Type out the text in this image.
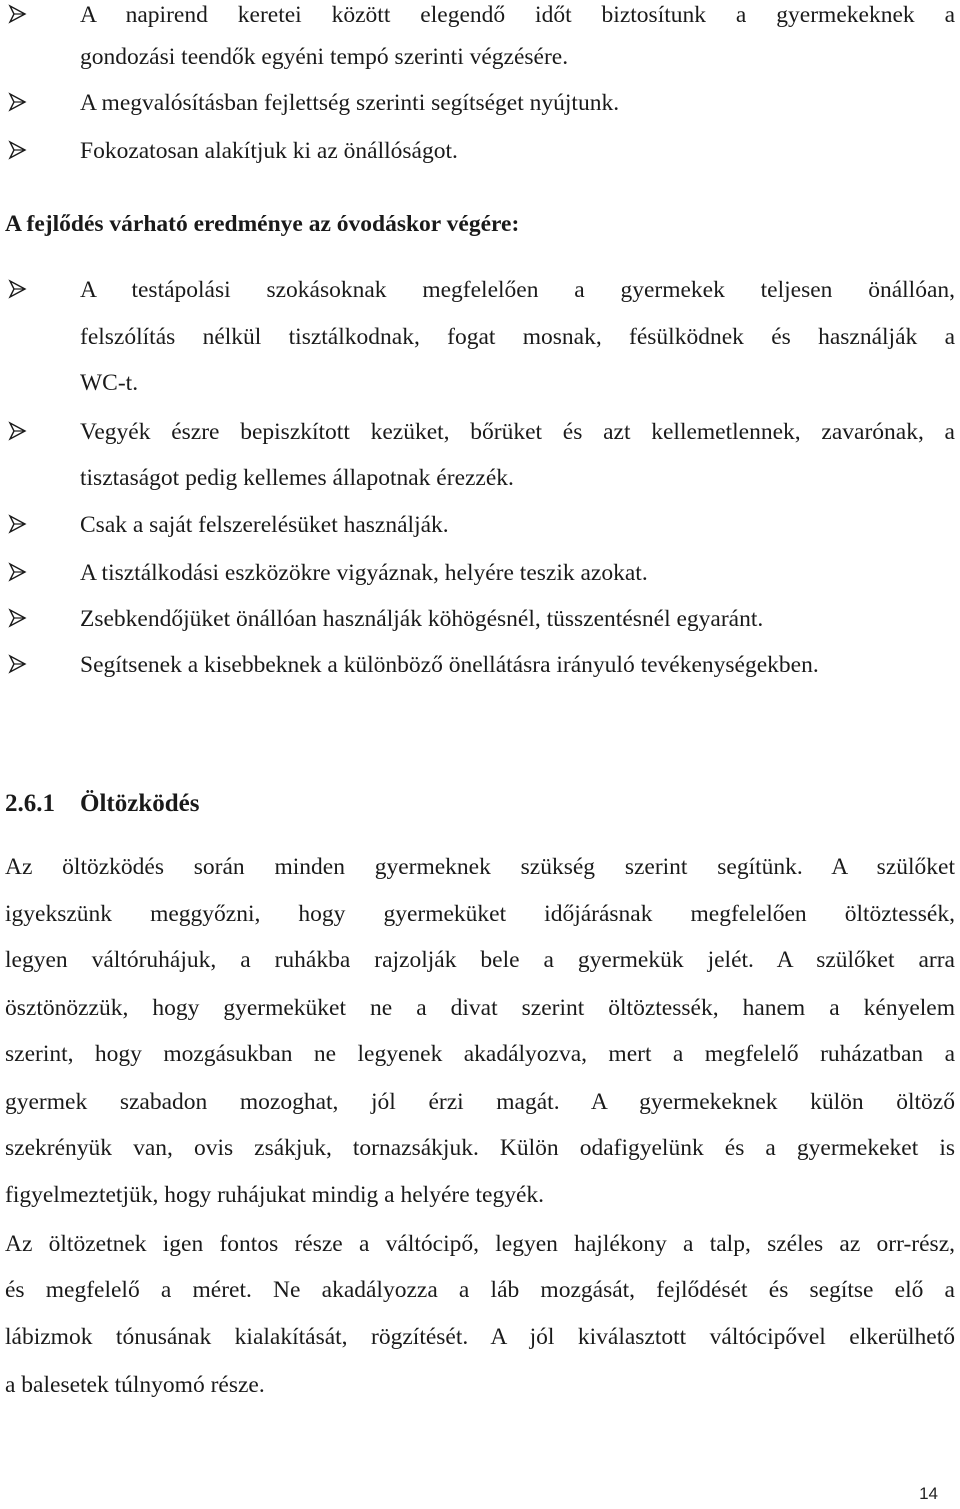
A napirend keretei között elegendő időt biztosítunk a gyermekeknek a
gondozási teendők egyéni tempó szerinti végzésére.
A megvalósításban fejlettség szerinti segítséget nyújtunk.
Fokozatosan alakítjuk ki az önállóságot.
A fejlődés várható eredménye az óvodáskor végére:
A testápolási szokásoknak megfelelően a gyermekek teljesen önállóan,
felszólítás nélkül tisztálkodnak, fogat mosnak, fésülködnek és használják a
WC-t.
Vegyék észre bepiszkított kezüket, bőrüket és azt kellemetlennek, zavarónak, a
tisztaságot pedig kellemes állapotnak érezzék.
Csak a saját felszerelésüket használják.
A tisztálkodási eszközökre vigyáznak, helyére teszik azokat.
Zsebkendőjüket önállóan használják köhögésnél, tüsszentésnél egyaránt.
Segítsenek a kisebbeknek a különböző önellátásra irányuló tevékenységekben.
2.6.1 Öltözködés
Az öltözködés során minden gyermeknek szükség szerint segítünk. A szülőket
igyekszünk meggyőzni, hogy gyermeküket időjárásnak megfelelően öltöztessék,
legyen váltóruhájuk, a ruhákba rajzolják bele a gyermekük jelét. A szülőket arra
ösztönözzük, hogy gyermeküket ne a divat szerint öltöztessék, hanem a kényelem
szerint, hogy mozgásukban ne legyenek akadályozva, mert a megfelelő ruházatban a
gyermek szabadon mozoghat, jól érzi magát. A gyermekeknek külön öltöző
szekrényük van, ovis zsákjuk, tornazsákjuk. Külön odafigyelünk és a gyermekeket is
figyelmeztetjük, hogy ruhájukat mindig a helyére tegyék.
Az öltözetnek igen fontos része a váltócipő, legyen hajlékony a talp, széles az orr-rész,
és megfelelő a méret. Ne akadályozza a láb mozgását, fejlődését és segítse elő a
lábizmok tónusának kialakítását, rögzítését. A jól kiválasztott váltócipővel elkerülhető
a balesetek túlnyomó része.
14
